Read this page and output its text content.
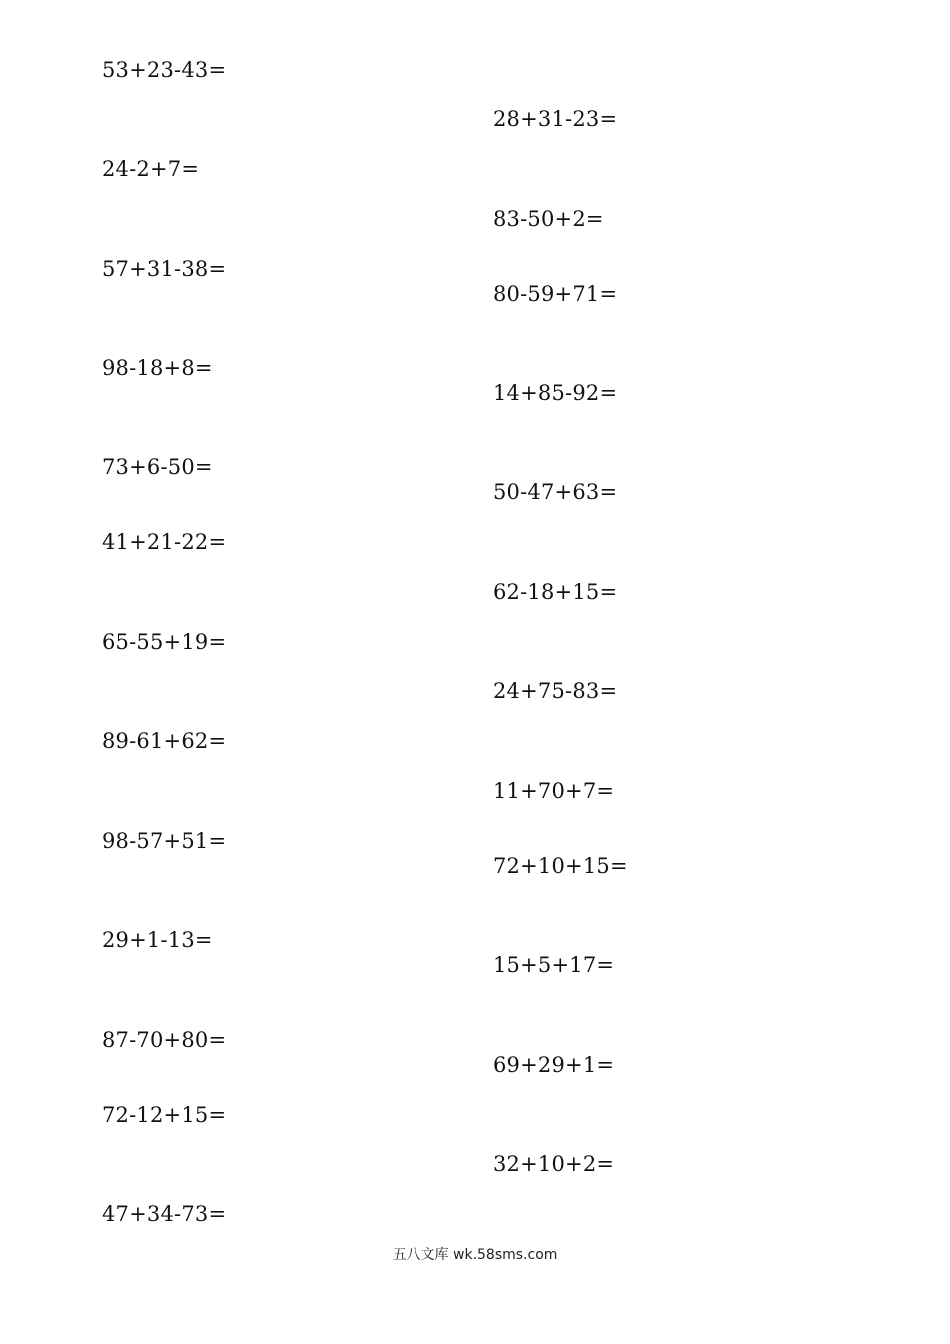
53+23-43=
24-2+7=
57+31-38=
98-18+8=
73+6-50=
41+21-22=
65-55+19=
89-61+62=
98-57+51=
29+1-13=
87-70+80=
72-12+15=
47+34-73=
28+31-23=
83-50+2=
80-59+71=
14+85-92=
50-47+63=
62-18+15=
24+75-83=
11+70+7=
72+10+15=
15+5+17=
69+29+1=
32+10+2=
五八文库 wk.58sms.com
